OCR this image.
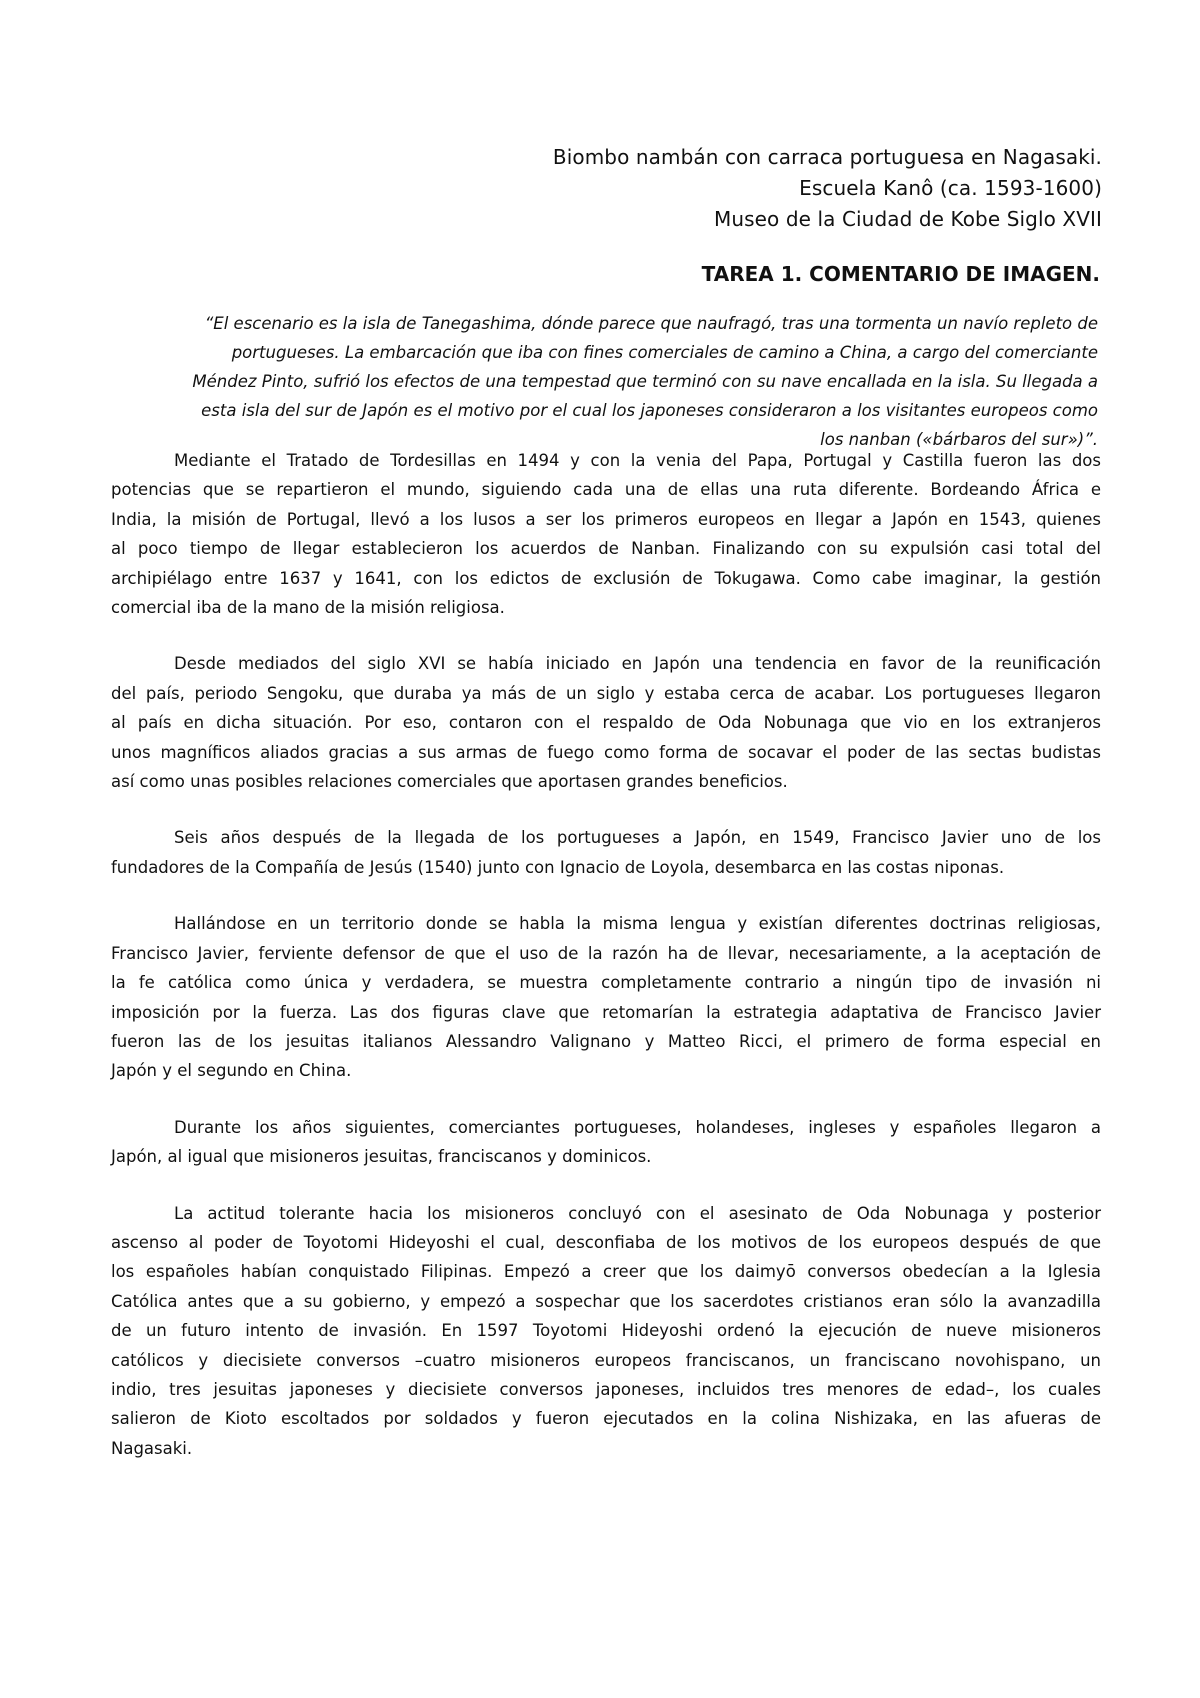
Biombo nambán con carraca portuguesa en Nagasaki.
Escuela Kanô (ca. 1593-1600)
Museo de la Ciudad de Kobe Siglo XVII
TAREA 1. COMENTARIO DE IMAGEN.
“El escenario es la isla de Tanegashima, dónde parece que naufragó, tras una tormenta un navío repleto de
portugueses. La embarcación que iba con fines comerciales de camino a China, a cargo del comerciante
Méndez Pinto, sufrió los efectos de una tempestad que terminó con su nave encallada en la isla. Su llegada a
esta isla del sur de Japón es el motivo por el cual los japoneses consideraron a los visitantes europeos como
los nanban («bárbaros del sur»)”.
Mediante el Tratado de Tordesillas en 1494 y con la venia del Papa, Portugal y Castilla fueron las dos
potencias que se repartieron el mundo, siguiendo cada una de ellas una ruta diferente. Bordeando África e
India, la misión de Portugal, llevó a los lusos a ser los primeros europeos en llegar a Japón en 1543, quienes
al poco tiempo de llegar establecieron los acuerdos de Nanban. Finalizando con su expulsión casi total del
archipiélago entre 1637 y 1641, con los edictos de exclusión de Tokugawa. Como cabe imaginar, la gestión
comercial iba de la mano de la misión religiosa.
Desde mediados del siglo XVI se había iniciado en Japón una tendencia en favor de la reunificación
del país, periodo Sengoku, que duraba ya más de un siglo y estaba cerca de acabar. Los portugueses llegaron
al país en dicha situación. Por eso, contaron con el respaldo de Oda Nobunaga que vio en los extranjeros
unos magníficos aliados gracias a sus armas de fuego como forma de socavar el poder de las sectas budistas
así como unas posibles relaciones comerciales que aportasen grandes beneficios.
Seis años después de la llegada de los portugueses a Japón, en 1549, Francisco Javier uno de los
fundadores de la Compañía de Jesús (1540) junto con Ignacio de Loyola, desembarca en las costas niponas.
Hallándose en un territorio donde se habla la misma lengua y existían diferentes doctrinas religiosas,
Francisco Javier, ferviente defensor de que el uso de la razón ha de llevar, necesariamente, a la aceptación de
la fe católica como única y verdadera, se muestra completamente contrario a ningún tipo de invasión ni
imposición por la fuerza. Las dos figuras clave que retomarían la estrategia adaptativa de Francisco Javier
fueron las de los jesuitas italianos Alessandro Valignano y Matteo Ricci, el primero de forma especial en
Japón y el segundo en China.
Durante los años siguientes, comerciantes portugueses, holandeses, ingleses y españoles llegaron a
Japón, al igual que misioneros jesuitas, franciscanos y dominicos.
La actitud tolerante hacia los misioneros concluyó con el asesinato de Oda Nobunaga y posterior
ascenso al poder de Toyotomi Hideyoshi el cual, desconfiaba de los motivos de los europeos después de que
los españoles habían conquistado Filipinas. Empezó a creer que los daimyō conversos obedecían a la Iglesia
Católica antes que a su gobierno, y empezó a sospechar que los sacerdotes cristianos eran sólo la avanzadilla
de un futuro intento de invasión. En 1597 Toyotomi Hideyoshi ordenó la ejecución de nueve misioneros
católicos y diecisiete conversos –cuatro misioneros europeos franciscanos, un franciscano novohispano, un
indio, tres jesuitas japoneses y diecisiete conversos japoneses, incluidos tres menores de edad–, los cuales
salieron de Kioto escoltados por soldados y fueron ejecutados en la colina Nishizaka, en las afueras de
Nagasaki.
